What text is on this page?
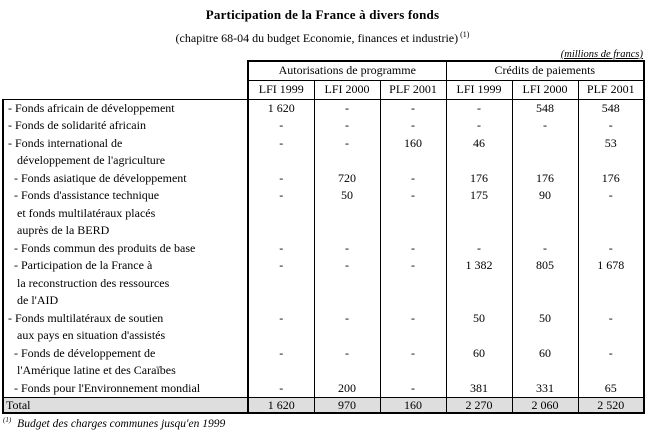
Participation de la France à divers fonds
(chapitre 68-04 du budget Economie, finances et industrie) $^{(1)}$
(millions de francs)
	Autorisations de programme			Crédits de paiements		
	LFI 1999	LFI 2000	PLF 2001	LFI 1999	LFI 2000	PLF 2001

- Fonds africain de développement	1 620	-	-	-	548	548

- Fonds de solidarité africain	-	-	-	-	-	-

- Fonds international de
développement de l'agriculture	-	-	160	46		53

- Fonds asiatique de développement	-	720	-	176	176	176

- Fonds d'assistance technique
et fonds multilatéraux placés
auprès de la BERD	-	50	-	175	90	-

- Fonds commun des produits de base	-	-	-	-	-	-

- Participation de la France à
la reconstruction des ressources
de l'AID	-	-	-	1 382	805	1 678

- Fonds multilatéraux de soutien
aux pays en situation d'assistés	-	-	-	50	50	-

- Fonds de développement de
l'Amérique latine et des Caraïbes	-	-	-	60	60	-

- Fonds pour l'Environnement mondial	-	200	-	381	331	65
Total	1 620	970	160	2 270	2 060	2 520
$^{(1)}$ Budget des charges communes jusqu'en 1999
